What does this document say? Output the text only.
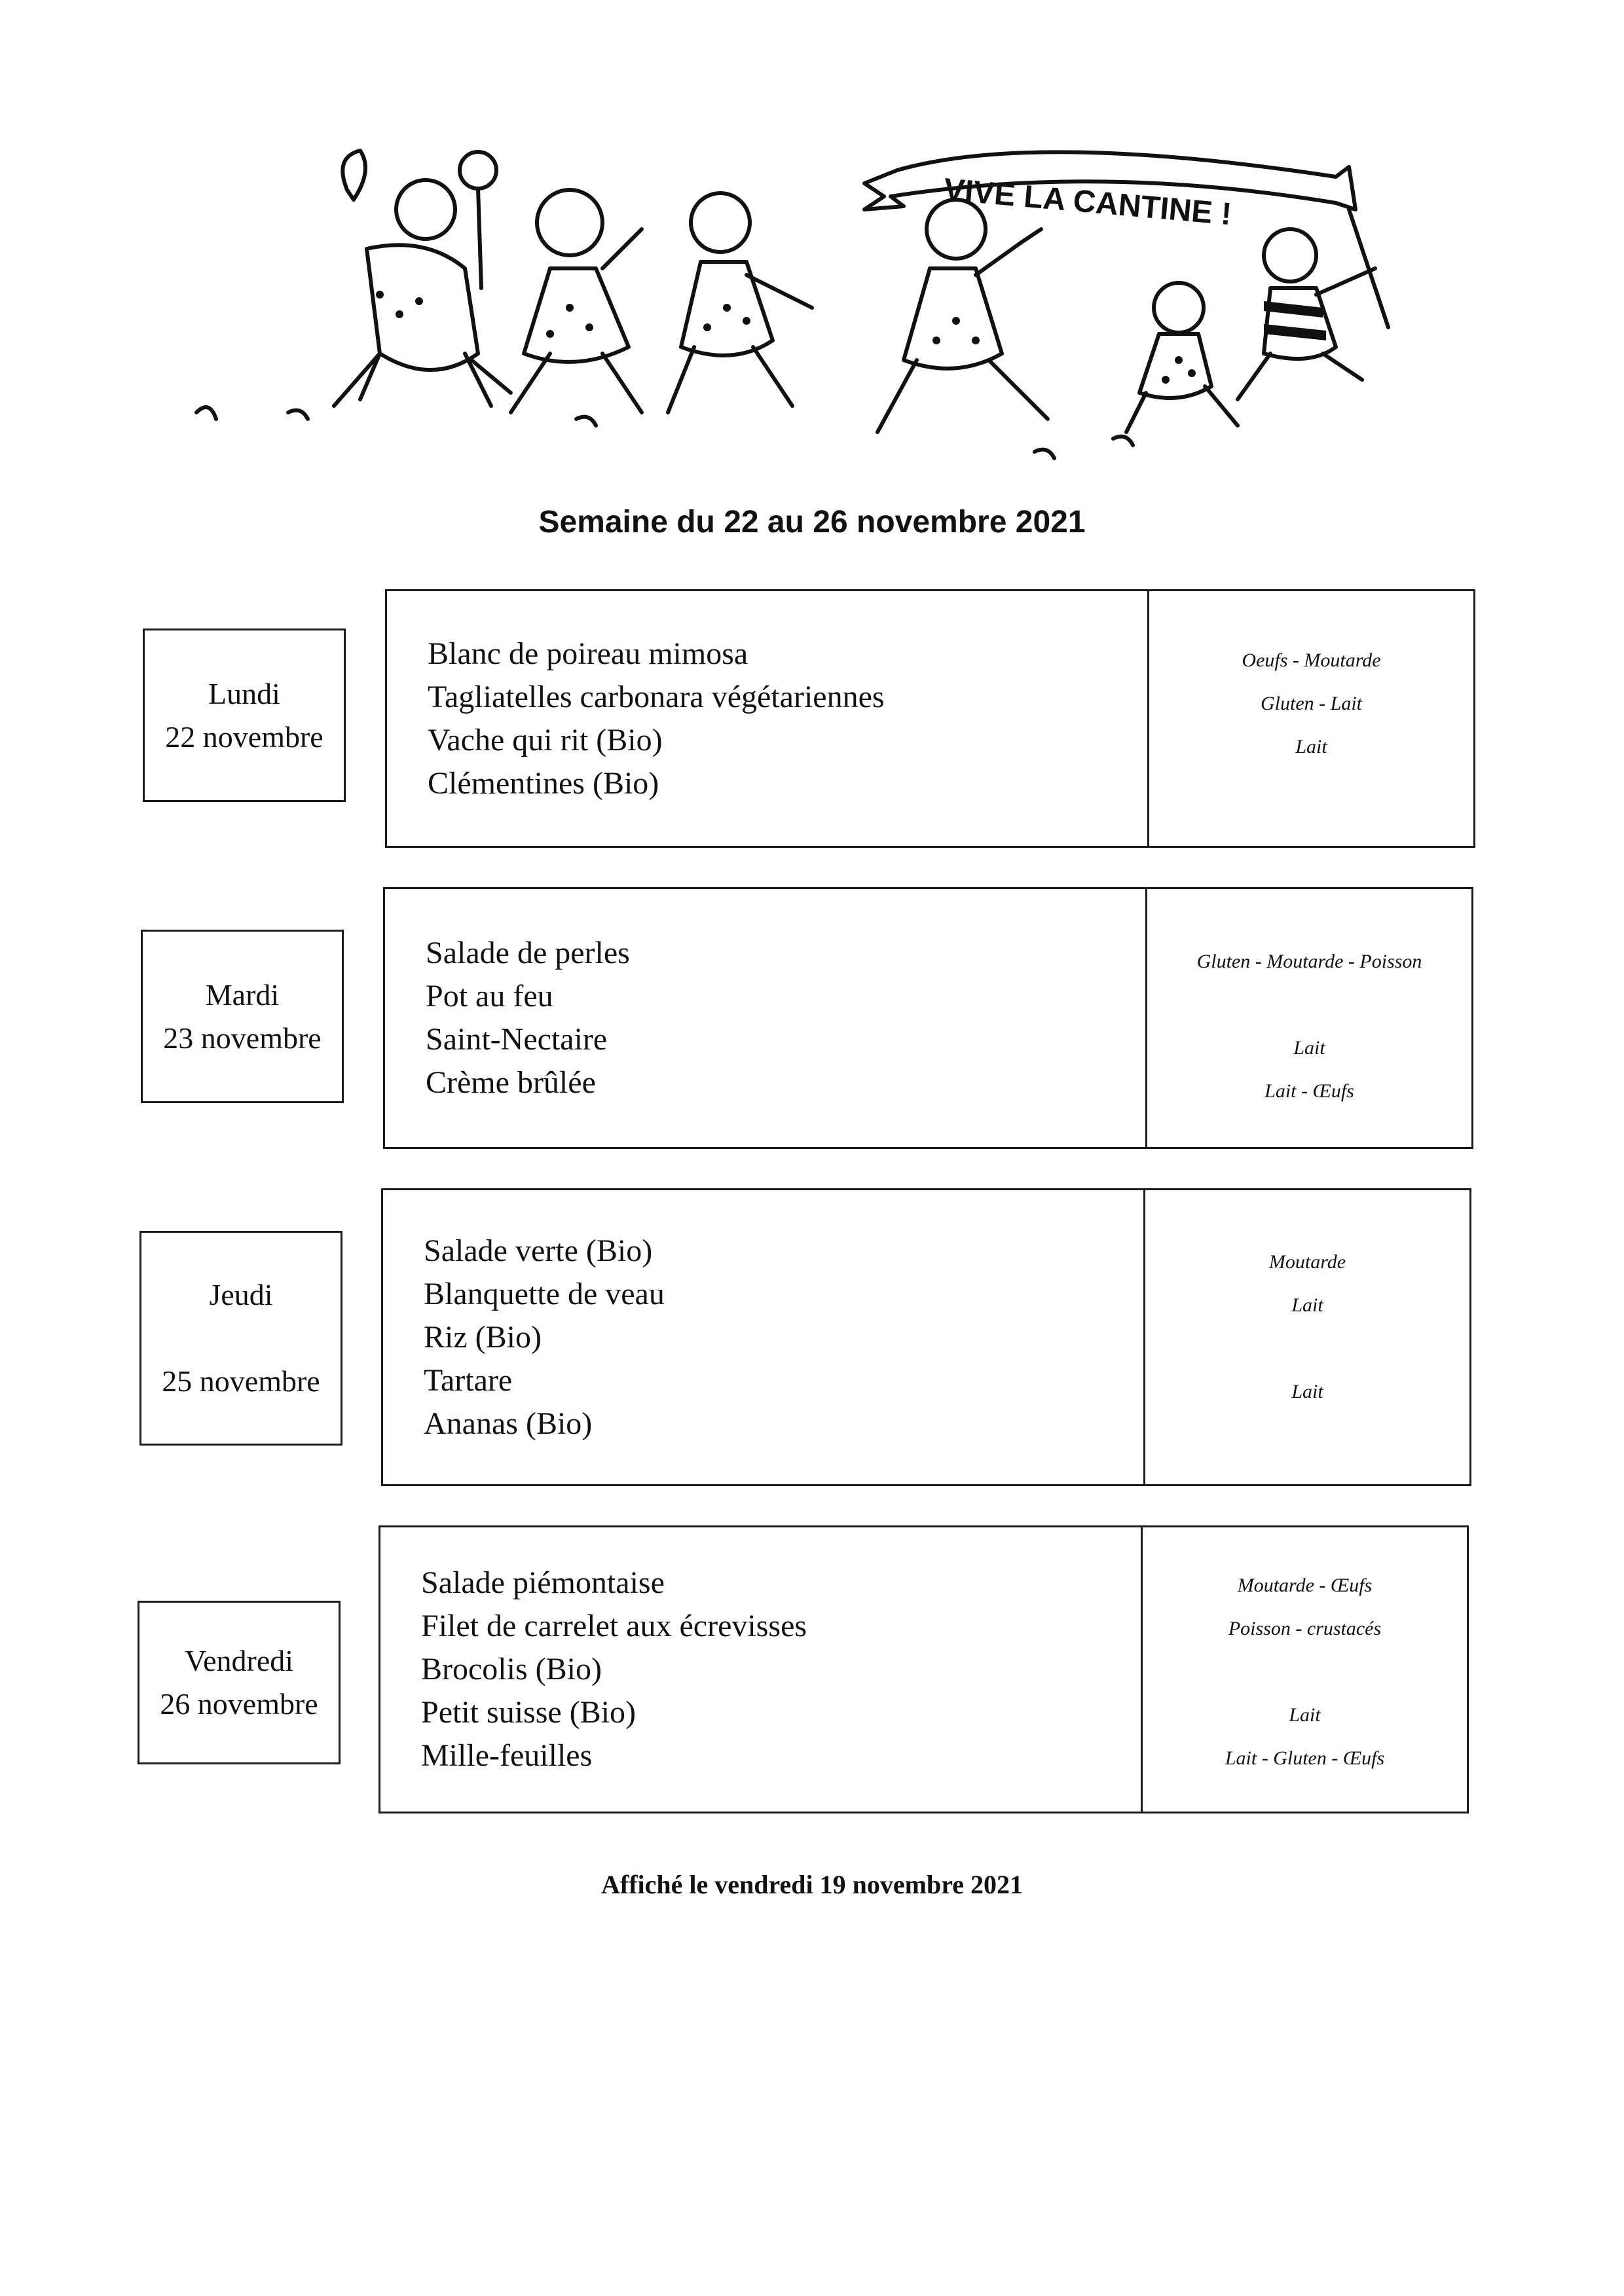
VIVE LA CANTINE !
Semaine du 22 au 26 novembre 2021
Lundi
22 novembre
Blanc de poireau mimosa
Tagliatelles carbonara végétariennes
Vache qui rit (Bio)
Clémentines (Bio)
Oeufs - Moutarde
Gluten - Lait
Lait
Mardi
23 novembre
Salade de perles
Pot au feu
Saint-Nectaire
Crème brûlée
Gluten - Moutarde - Poisson
Lait
Lait - Œufs
Jeudi
25 novembre
Salade verte (Bio)
Blanquette de veau
Riz (Bio)
Tartare
Ananas (Bio)
Moutarde
Lait
Lait
Vendredi
26 novembre
Salade piémontaise
Filet de carrelet aux écrevisses
Brocolis (Bio)
Petit suisse (Bio)
Mille-feuilles
Moutarde - Œufs
Poisson - crustacés
Lait
Lait - Gluten - Œufs
Affiché le vendredi 19 novembre 2021
